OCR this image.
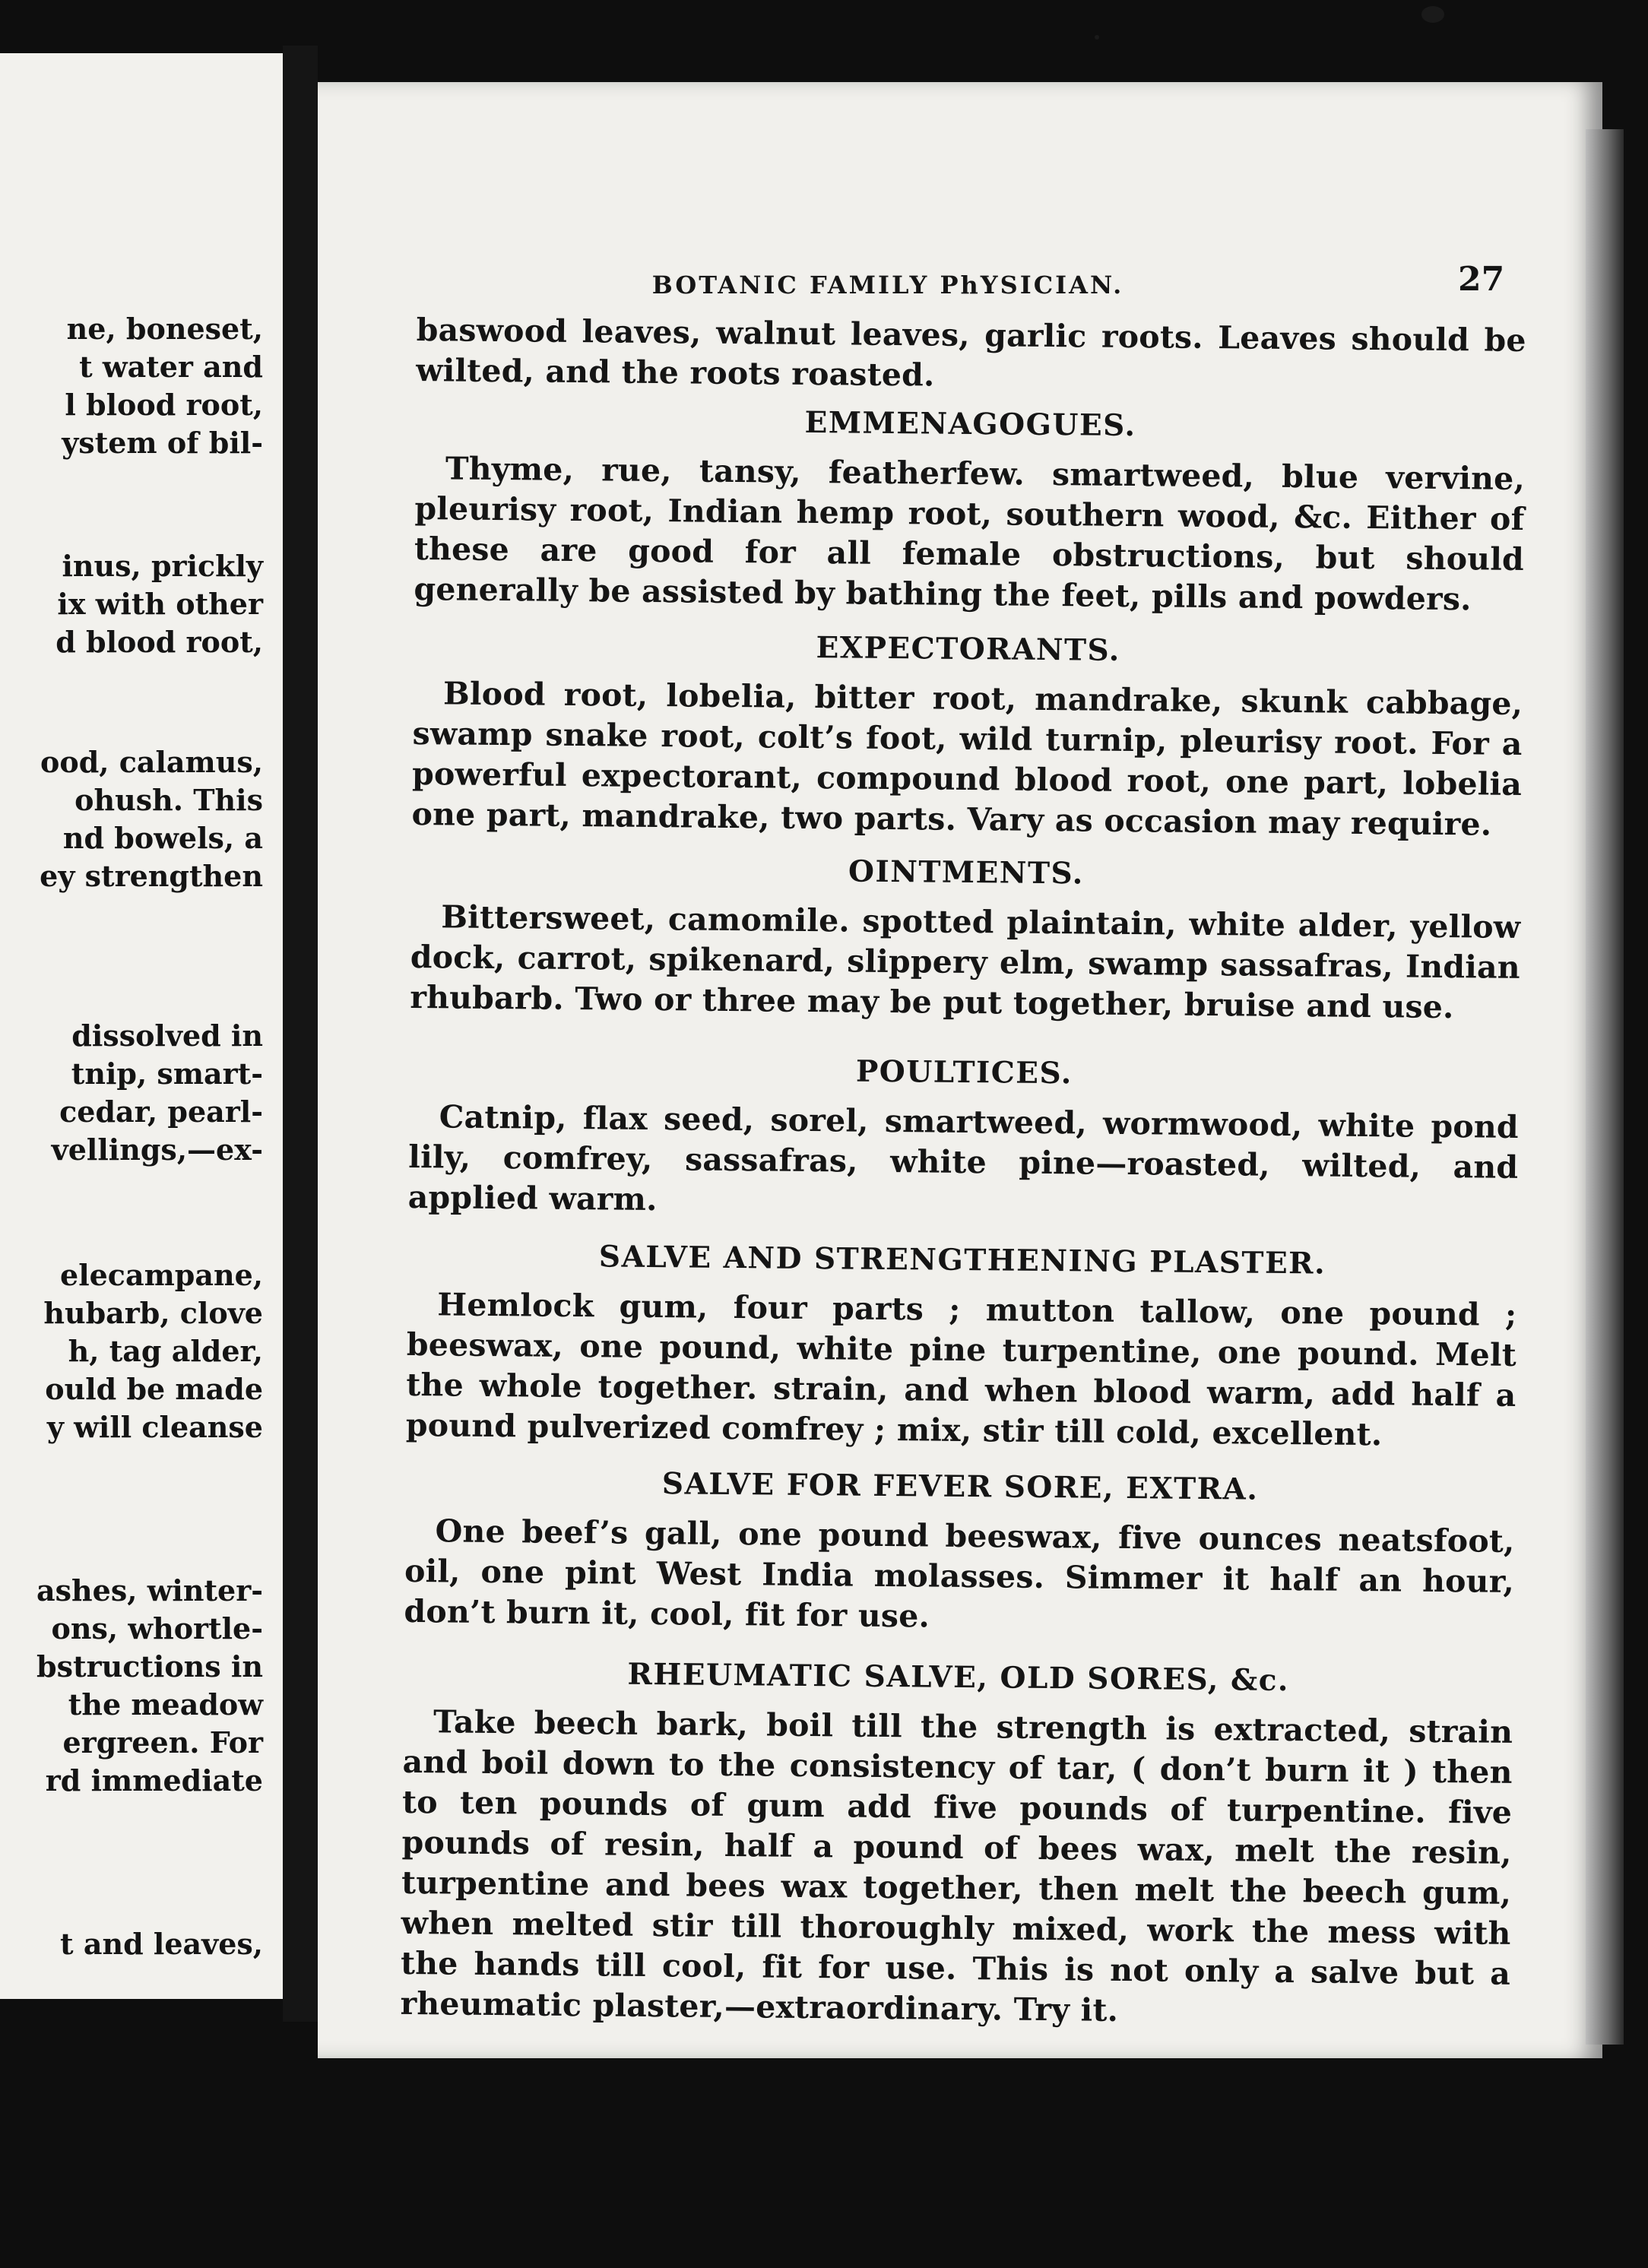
ne, boneset,
t water and
l blood root,
ystem of bil-
inus, prickly
ix with other
d blood root,
ood, calamus,
ohush. This
nd bowels, a
ey strengthen
dissolved in
tnip, smart-
cedar, pearl-
vellings,—ex-
elecampane,
hubarb, clove
h, tag alder,
ould be made
y will cleanse
ashes, winter-
ons, whortle-
bstructions in
the meadow
ergreen. For
rd immediate
t and leaves,
BOTANIC FAMILY PhYSICIAN.	27

baswood leaves, walnut leaves, garlic roots. Leaves should be wilted, and the roots roasted.

EMMENAGOGUES.

Thyme, rue, tansy, featherfew. smartweed, blue vervine, pleurisy root, Indian hemp root, southern wood, &c. Either of these are good for all female obstructions, but should generally be assisted by bathing the feet, pills and powders.

EXPECTORANTS.

Blood root, lobelia, bitter root, mandrake, skunk cabbage, swamp snake root, colt’s foot, wild turnip, pleurisy root. For a powerful expectorant, compound blood root, one part, lobelia one part, mandrake, two parts. Vary as occasion may require.

OINTMENTS.

Bittersweet, camomile. spotted plaintain, white alder, yellow dock, carrot, spikenard, slippery elm, swamp sassafras, Indian rhubarb. Two or three may be put together, bruise and use.

POULTICES.

Catnip, flax seed, sorel, smartweed, wormwood, white pond lily, comfrey, sassafras, white pine—roasted, wilted, and applied warm.

SALVE AND STRENGTHENING PLASTER.

Hemlock gum, four parts ; mutton tallow, one pound ; beeswax, one pound, white pine turpentine, one pound. Melt the whole together. strain, and when blood warm, add half a pound pulverized comfrey ; mix, stir till cold, excellent.

SALVE FOR FEVER SORE, EXTRA.

One beef’s gall, one pound beeswax, five ounces neatsfoot, oil, one pint West India molasses. Simmer it half an hour, don’t burn it, cool, fit for use.

RHEUMATIC SALVE, OLD SORES, &c.

Take beech bark, boil till the strength is extracted, strain and boil down to the consistency of tar, ( don’t burn it ) then to ten pounds of gum add five pounds of turpentine. five pounds of resin, half a pound of bees wax, melt the resin, turpentine and bees wax together, then melt the beech gum, when melted stir till thoroughly mixed, work the mess with the hands till cool, fit for use. This is not only a salve but a rheumatic plaster,—extraordinary. Try it.
